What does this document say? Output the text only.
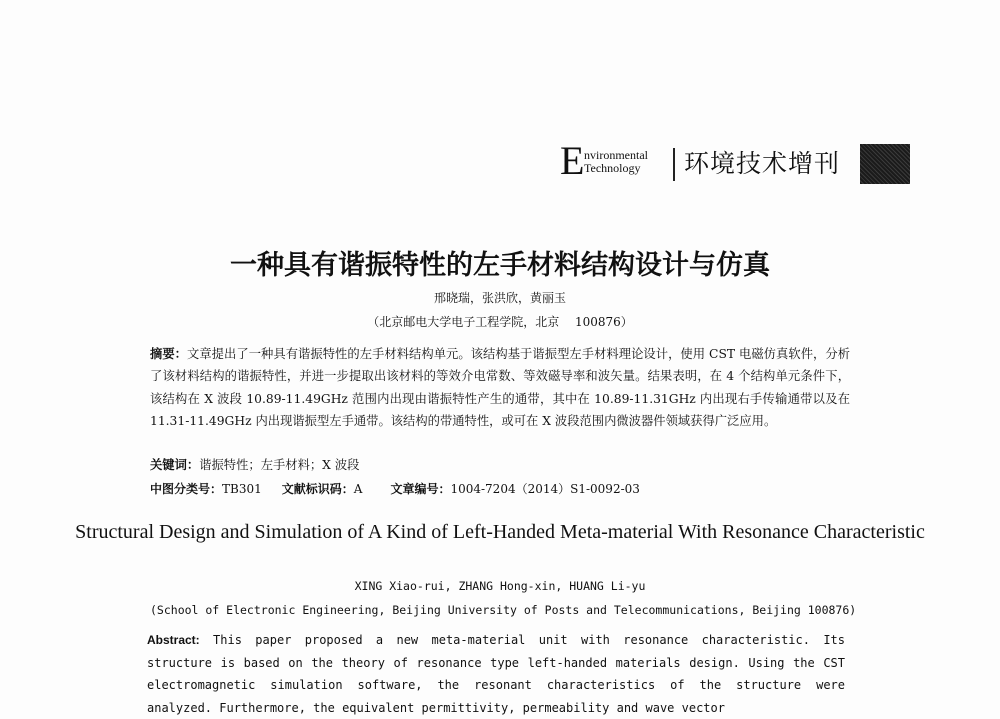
E nvironmental
Technology	环境技术增刊
一种具有谐振特性的左手材料结构设计与仿真
邢晓瑞，张洪欣，黄丽玉
（北京邮电大学电子工程学院，北京　 100876）
摘要：文章提出了一种具有谐振特性的左手材料结构单元。该结构基于谐振型左手材料理论设计，使用 CST 电磁仿真软件，分析了该材料结构的谐振特性，并进一步提取出该材料的等效介电常数、等效磁导率和波矢量。结果表明，在 4 个结构单元条件下，该结构在 X 波段 10.89-11.49GHz 范围内出现由谐振特性产生的通带，其中在 10.89-11.31GHz 内出现右手传输通带以及在 11.31-11.49GHz 内出现谐振型左手通带。该结构的带通特性，或可在 X 波段范围内微波器件领域获得广泛应用。
关键词：谐振特性；左手材料；X 波段
中图分类号：TB301 文献标识码：A 文章编号：1004-7204（2014）S1-0092-03
Structural Design and Simulation of A Kind of Left-Handed Meta-material With Resonance Characteristic
XING Xiao-rui, ZHANG Hong-xin, HUANG Li-yu
(School of Electronic Engineering, Beijing University of Posts and Telecommunications, Beijing 100876)
Abstract: This paper proposed a new meta-material unit with resonance characteristic. Its structure is based on the theory of resonance type left-handed materials design. Using the CST electromagnetic simulation software, the resonant characteristics of the structure were analyzed. Furthermore, the equivalent permittivity, permeability and wave vector
